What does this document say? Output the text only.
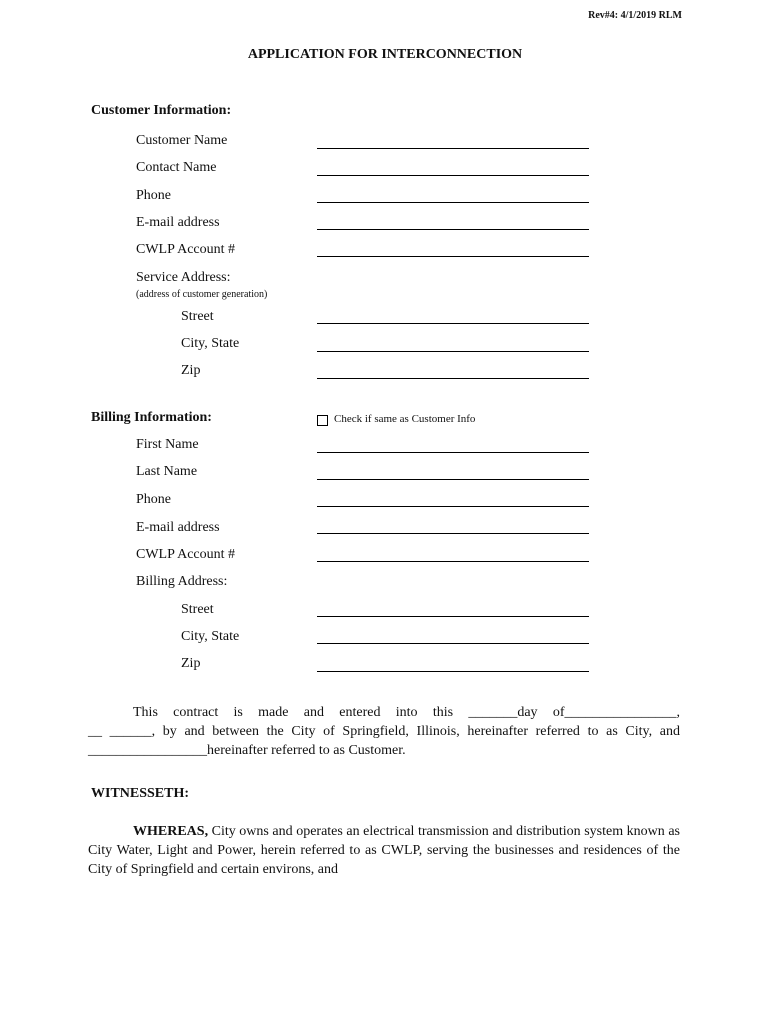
Rev#4: 4/1/2019 RLM
APPLICATION FOR INTERCONNECTION
Customer Information:
Customer Name
Contact Name
Phone
E-mail address
CWLP Account #
Service Address:
(address of customer generation)
Street
City, State
Zip
Billing Information:	Check if same as Customer Info
First Name
Last Name
Phone
E-mail address
CWLP Account #
Billing Address:
Street
City, State
Zip

This contract is made and entered into this _______day of________________,

__ ______, by and between the City of Springfield, Illinois, hereinafter referred to as City, and

_________________hereinafter referred to as Customer.

WITNESSETH:

WHEREAS, City owns and operates an electrical transmission and distribution system known as City Water, Light and Power, herein referred to as CWLP, serving the businesses and residences of the City of Springfield and certain environs, and
